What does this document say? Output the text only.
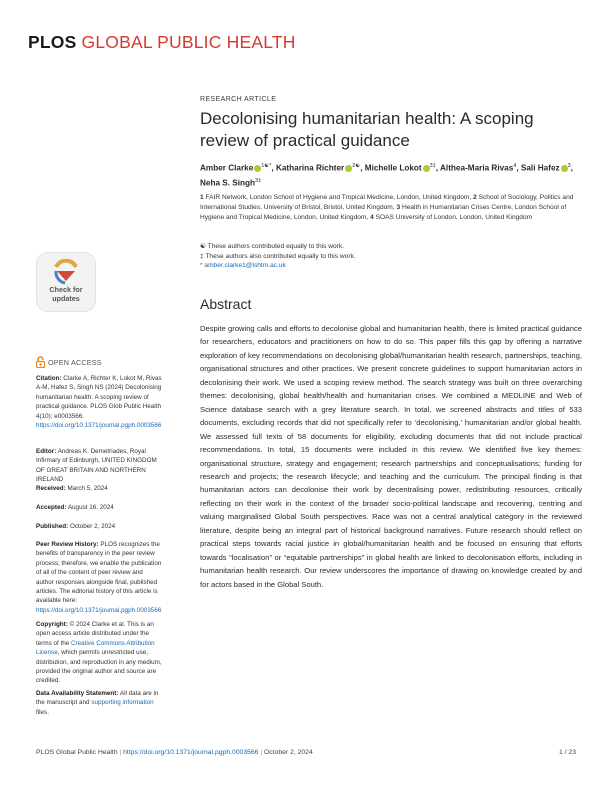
PLOS GLOBAL PUBLIC HEALTH
RESEARCH ARTICLE
Decolonising humanitarian health: A scoping review of practical guidance
Amber Clarke $^{1☯*}$, Katharina Richter $^{2☯}$, Michelle Lokot $^{3\ddagger}$, Althea-Maria Rivas$^4$, Sali Hafez $^3$, Neha S. Singh$^{3\ddagger}$
1 FAIR Network, London School of Hygiene and Tropical Medicine, London, United Kingdom, 2 School of Sociology, Politics and International Studies, University of Bristol, Bristol, United Kingdom, 3 Health in Humanitarian Crises Centre, London School of Hygiene and Tropical Medicine, London, United Kingdom, 4 SOAS University of London, London, United Kingdom
☯ These authors contributed equally to this work.
‡ These authors also contributed equally to this work.
* amber.clarke1@lshtm.ac.uk
Abstract

Despite growing calls and efforts to decolonise global and humanitarian health, there is limited practical guidance for researchers, educators and practitioners on how to do so. This paper fills this gap by offering a narrative exploration of key recommendations on decolonising global/humanitarian health research, partnerships, teaching, organisational structures and other practices. We present concrete guidelines to support humanitarian actors in decolonising their work. We used a scoping review method. The search strategy was built on three overarching themes: decolonising, global health/health and humanitarian crises. We combined a MEDLINE and Web of Science database search with a grey literature search. In total, we screened abstracts and titles of 533 documents, excluding records that did not specifically refer to ‘decolonising,’ humanitarian and/or global health. We assessed full texts of 58 documents for eligibility, excluding documents that did not include practical recommendations. In total, 15 documents were included in this review. We identified five key themes: organisational structure, strategy and engagement; research partnerships and conceptualisations; funding for research and projects; the research lifecycle; and teaching and the curriculum. The principal finding is that humanitarian actors can decolonise their work by decentralising power, redistributing resources, critically reflecting on their work in the context of the broader socio-political landscape and recovering, centring and valuing marginalised Global South perspectives. Race was not a central analytical category in the reviewed literature, despite being an integral part of historical background narratives. Future research should reflect on practical steps towards racial justice in global/humanitarian health and be focused on ensuring that efforts towards “localisation” or “equitable partnerships” in global health are linked to decolonisation efforts, including in humanitarian health research. Our review underscores the importance of drawing on knowledge created by and for actors based in the Global South.

Check for
updates
OPEN ACCESS

Citation: Clarke A, Richter K, Lokot M, Rivas A-M, Hafez S, Singh NS (2024) Decolonising humanitarian health: A scoping review of practical guidance. PLOS Glob Public Health 4(10): e0003566. https://doi.org/10.1371/journal.pgph.0003566

Editor: Andreas K. Demetriades, Royal Infirmary of Edinburgh, UNITED KINGDOM OF GREAT BRITAIN AND NORTHERN IRELAND

Received: March 5, 2024

Accepted: August 16, 2024

Published: October 2, 2024

Peer Review History: PLOS recognizes the benefits of transparency in the peer review process; therefore, we enable the publication of all of the content of peer review and author responses alongside final, published articles. The editorial history of this article is available here: https://doi.org/10.1371/journal.pgph.0003566

Copyright: © 2024 Clarke et al. This is an open access article distributed under the terms of the Creative Commons Attribution License, which permits unrestricted use, distribution, and reproduction in any medium, provided the original author and source are credited.

Data Availability Statement: All data are in the manuscript and supporting information files.

PLOS Global Public Health | https://doi.org/10.1371/journal.pgph.0003566 | October 2, 2024	1 / 23
